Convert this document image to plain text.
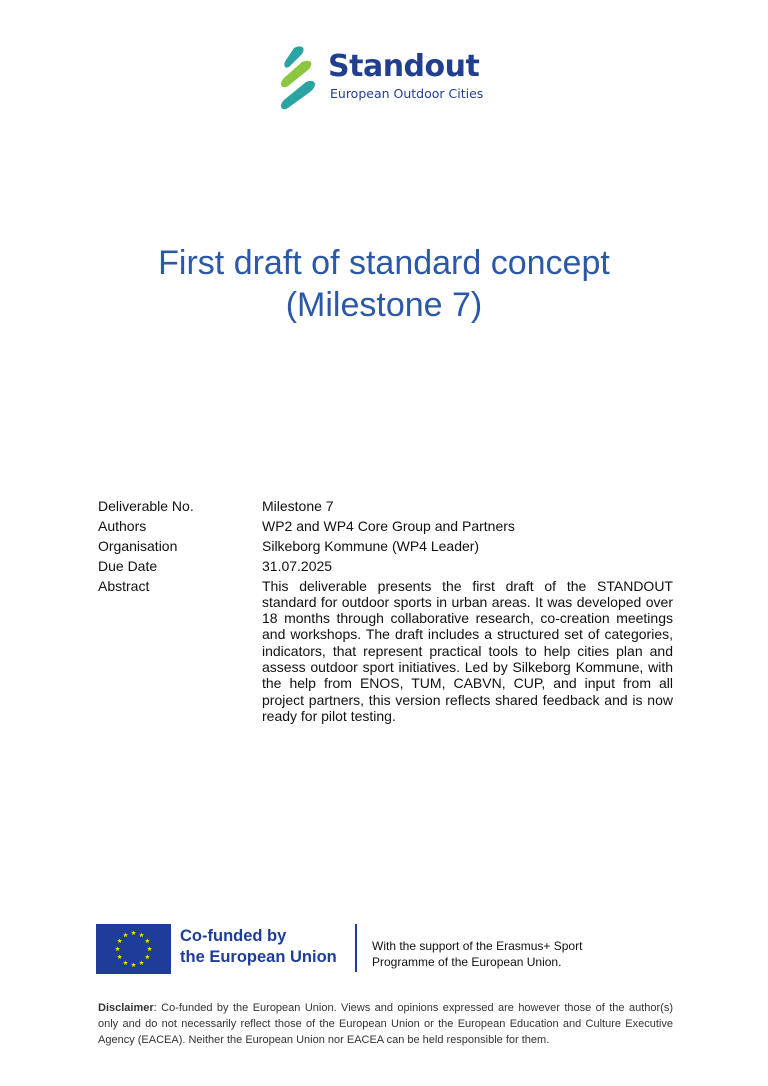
Standout
European Outdoor Cities
First draft of standard concept
(Milestone 7)
Deliverable No.	Milestone 7
Authors	WP2 and WP4 Core Group and Partners
Organisation	Silkeborg Kommune (WP4 Leader)
Due Date	31.07.2025
Abstract	This deliverable presents the first draft of the STANDOUT standard for outdoor sports in urban areas. It was developed over 18 months through collaborative research, co-creation meetings and workshops. The draft includes a structured set of categories, indicators, that represent practical tools to help cities plan and assess outdoor sport initiatives. Led by Silkeborg Kommune, with the help from ENOS, TUM, CABVN, CUP, and input from all project partners, this version reflects shared feedback and is now ready for pilot testing.
Co-funded by
the European Union
With the support of the Erasmus+ Sport
Programme of the European Union.
Disclaimer: Co-funded by the European Union. Views and opinions expressed are however those of the author(s) only and do not necessarily reflect those of the European Union or the European Education and Culture Executive Agency (EACEA). Neither the European Union nor EACEA can be held responsible for them.
